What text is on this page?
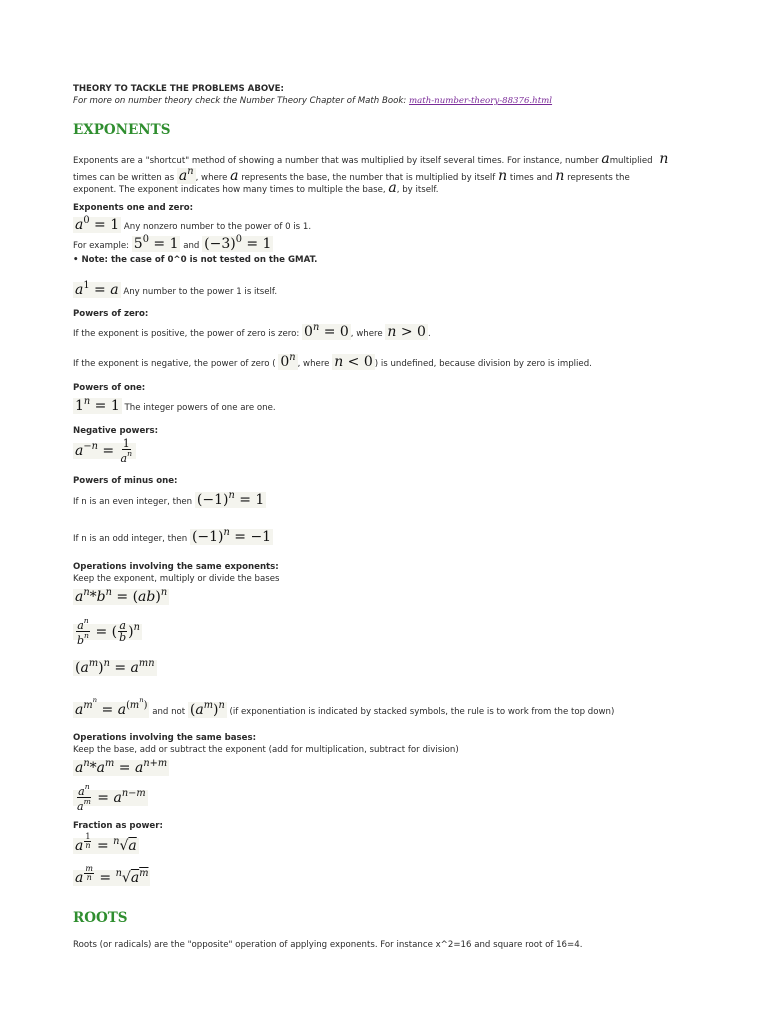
THEORY TO TACKLE THE PROBLEMS ABOVE:
For more on number theory check the Number Theory Chapter of Math Book: math-number-theory-88376.html
EXPONENTS
Exponents are a "shortcut" method of showing a number that was multiplied by itself several times. For instance, number amultiplied n
times can be written as $a^n$, where a represents the base, the number that is multiplied by itself n times and n represents the
exponent. The exponent indicates how many times to multiple the base, a, by itself.
Exponents one and zero:
$a^0 = 1$ Any nonzero number to the power of 0 is 1.
For example: $5^0 = 1$ and $(-3)^0 = 1$
• Note: the case of 0^0 is not tested on the GMAT.
$a^1 = a$ Any number to the power 1 is itself.
Powers of zero:
If the exponent is positive, the power of zero is zero: $0^n = 0$ , where n > 0 .
If the exponent is negative, the power of zero ( 0$^n$, where n < 0 ) is undefined, because division by zero is implied.
Powers of one:
$1^n = 1$ The integer powers of one are one.
Negative powers:
$a^{-n} = \frac{1}{a^n}$
Powers of minus one:
If n is an even integer, then $(-1)^n = 1$
If n is an odd integer, then $(-1)^n = -1$
Operations involving the same exponents:
Keep the exponent, multiply or divide the bases
$a^n*b^n = (ab)^n$
$\frac{a^n}{b^n}$ = ( $\frac{a}{b} )^n$
$(a^m)^n = a^{mn}$
$a^{m^n} = a^{(m^n)}$ and not $(a^m)^n$ (if exponentiation is indicated by stacked symbols, the rule is to work from the top down)
Operations involving the same bases:
Keep the base, add or subtract the exponent (add for multiplication, subtract for division)
$a^n*a^m = a^{n+m}$
$\frac{a^n}{a^m} = a^{n-m}$
Fraction as power:
a $^{\frac{1}{n}}$ = $^n$√a
a $^{\frac{m}{n}} = ^n√a^m$
ROOTS
Roots (or radicals) are the "opposite" operation of applying exponents. For instance x^2=16 and square root of 16=4.
